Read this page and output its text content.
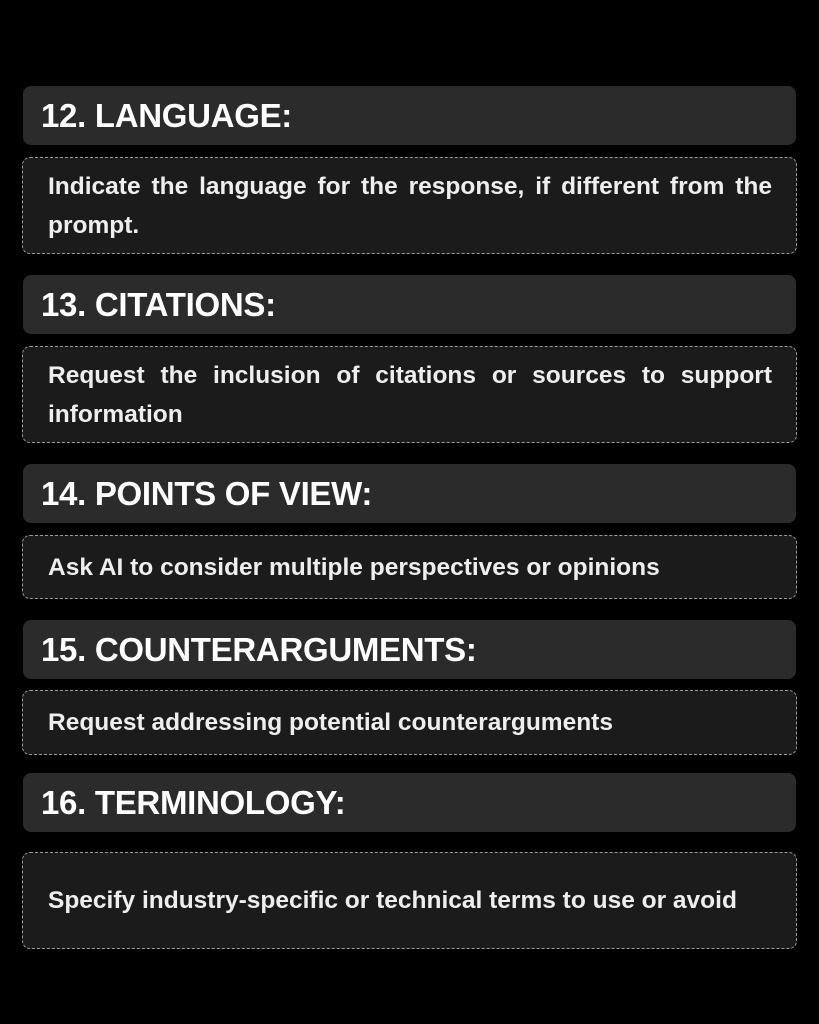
12. LANGUAGE:
Indicate the language for the response, if different from the prompt.
13. CITATIONS:
Request the inclusion of citations or sources to support information
14. POINTS OF VIEW:
Ask AI to consider multiple perspectives or opinions
15. COUNTERARGUMENTS:
Request addressing potential counterarguments
16. TERMINOLOGY:
Specify industry-specific or technical terms to use or avoid
